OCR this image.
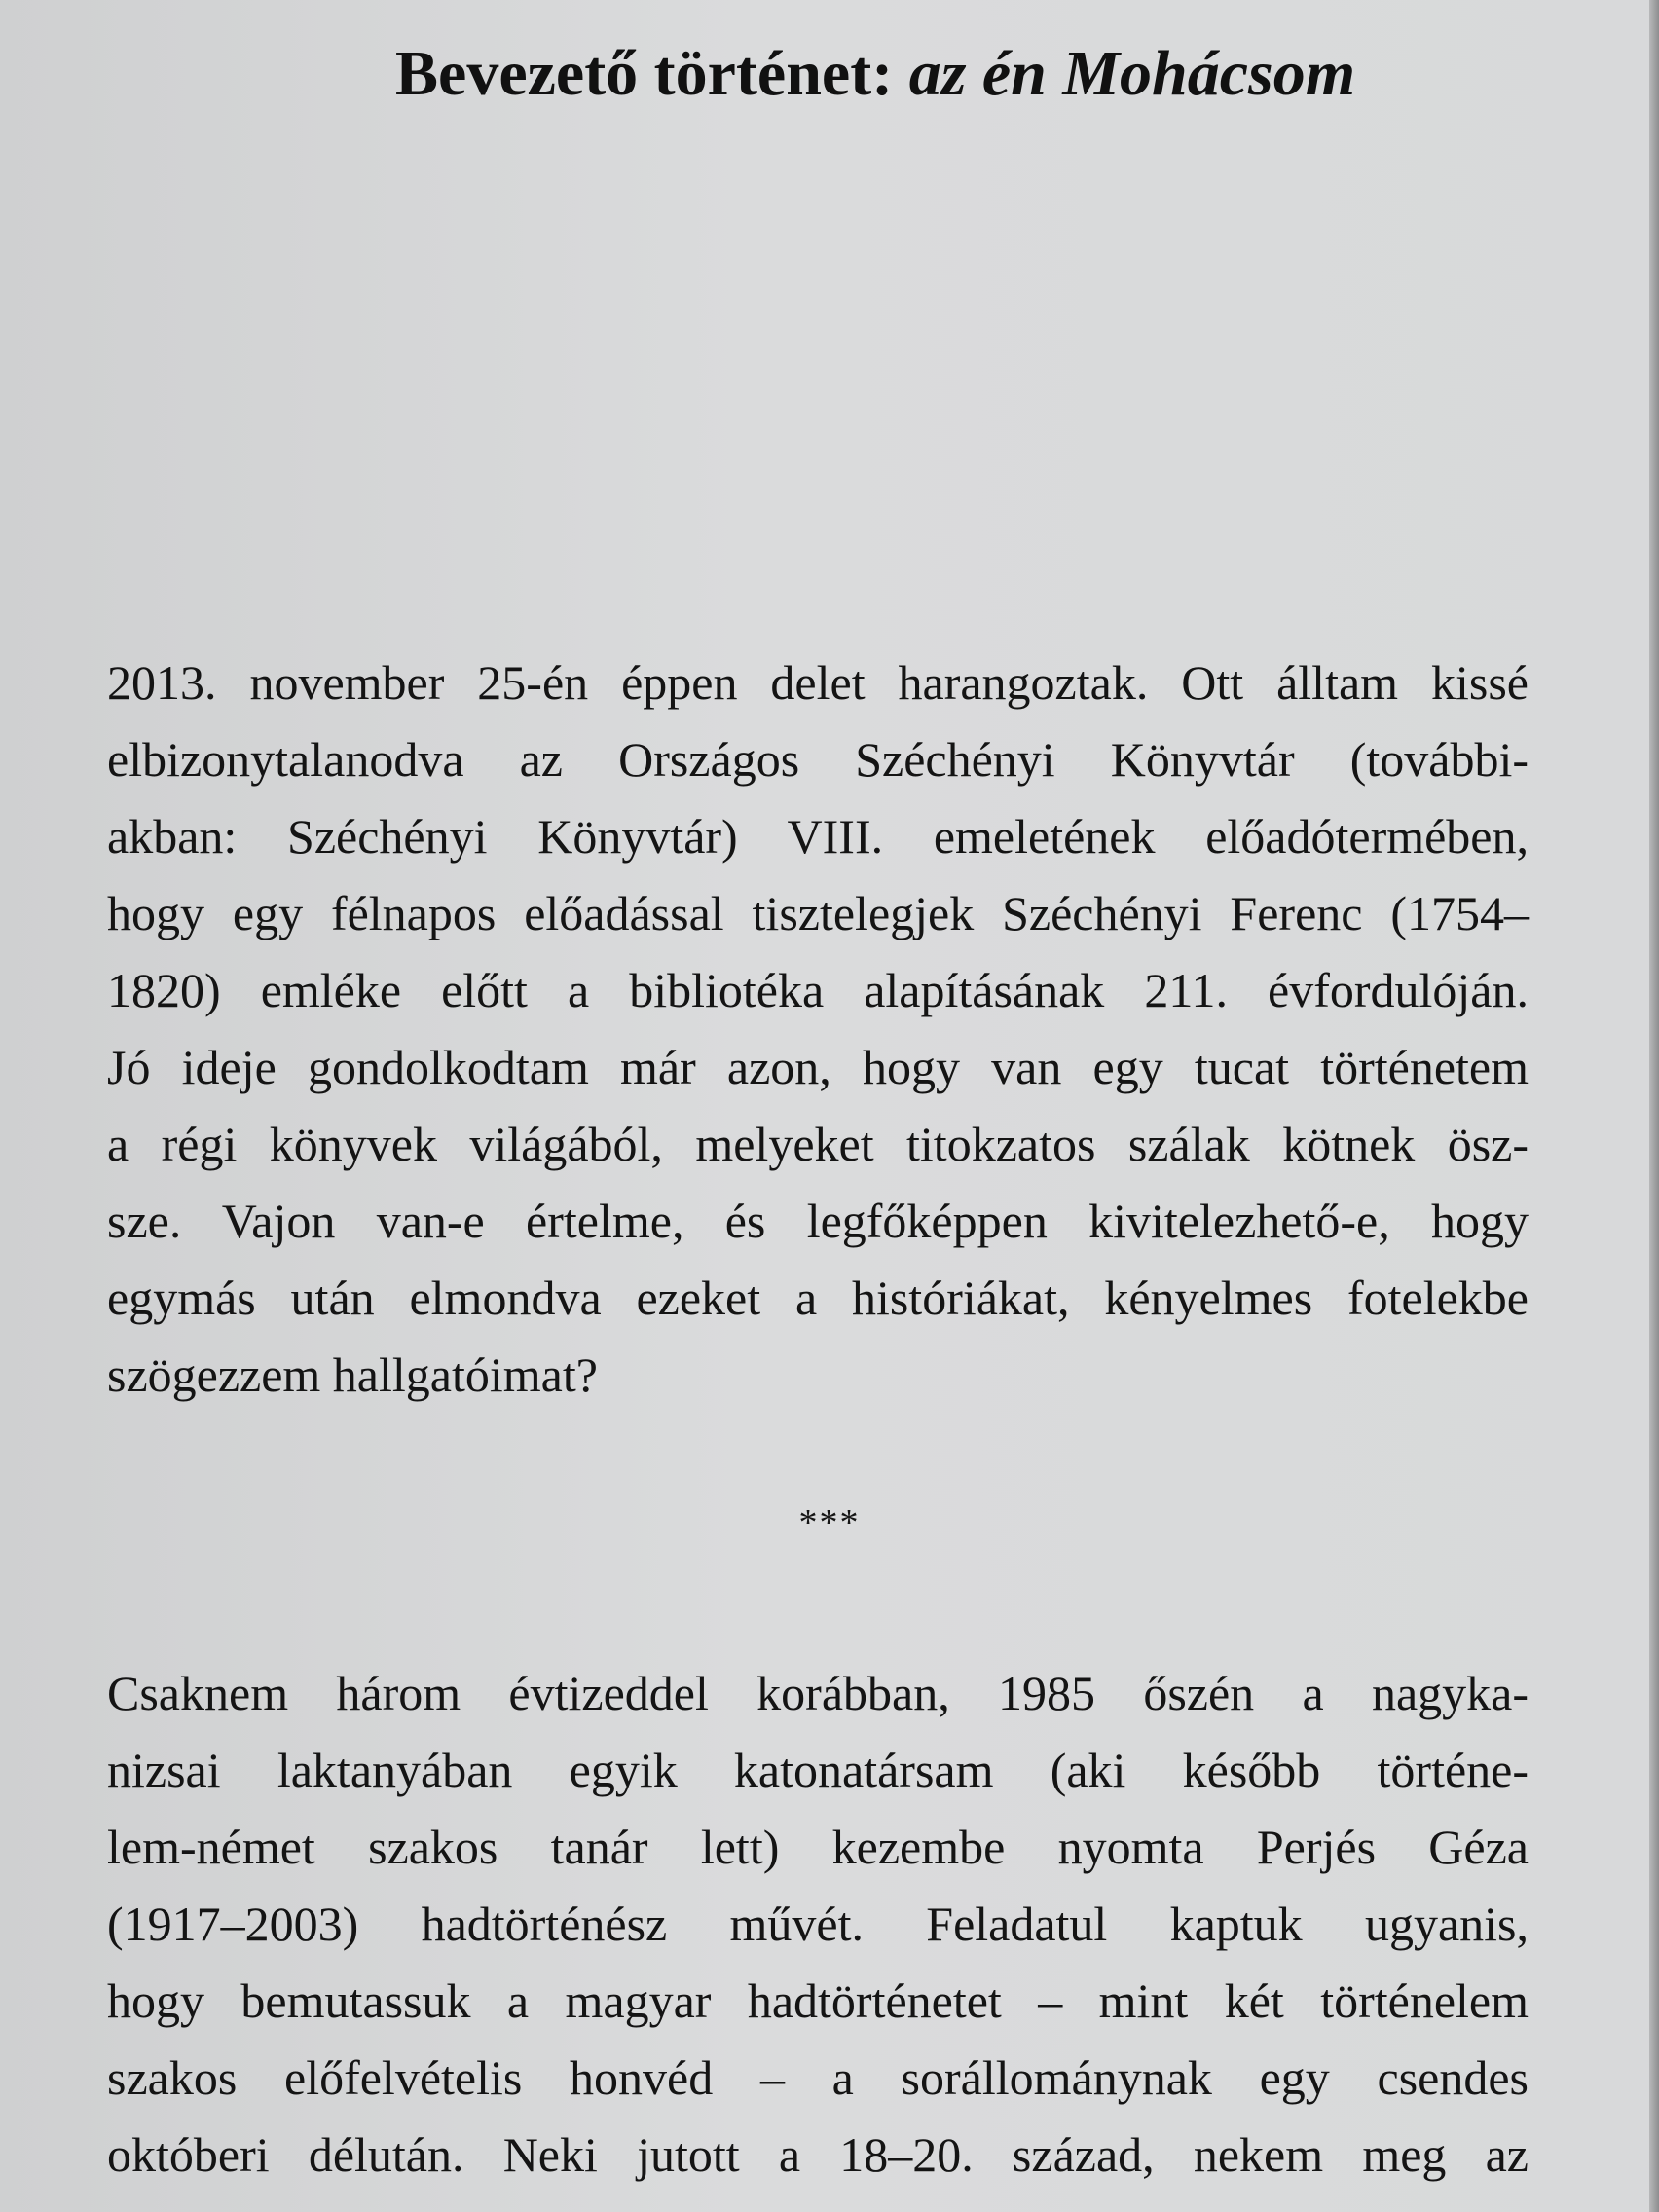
Bevezető történet: az én Mohácsom
2013. november 25-én éppen delet harangoztak. Ott álltam kissé
elbizonytalanodva az Országos Széchényi Könyvtár (további-
akban: Széchényi Könyvtár) VIII. emeletének előadótermében,
hogy egy félnapos előadással tisztelegjek Széchényi Ferenc (1754–
1820) emléke előtt a bibliotéka alapításának 211. évfordulóján.
Jó ideje gondolkodtam már azon, hogy van egy tucat történetem
a régi könyvek világából, melyeket titokzatos szálak kötnek ösz-
sze. Vajon van-e értelme, és legfőképpen kivitelezhető-e, hogy
egymás után elmondva ezeket a históriákat, kényelmes fotelekbe
szögezzem hallgatóimat?
***
Csaknem három évtizeddel korábban, 1985 őszén a nagyka-
nizsai laktanyában egyik katonatársam (aki később történe-
lem-német szakos tanár lett) kezembe nyomta Perjés Géza
(1917–2003) hadtörténész művét. Feladatul kaptuk ugyanis,
hogy bemutassuk a magyar hadtörténetet – mint két történelem
szakos előfelvételis honvéd – a sorállománynak egy csendes
októberi délután. Neki jutott a 18–20. század, nekem meg az
